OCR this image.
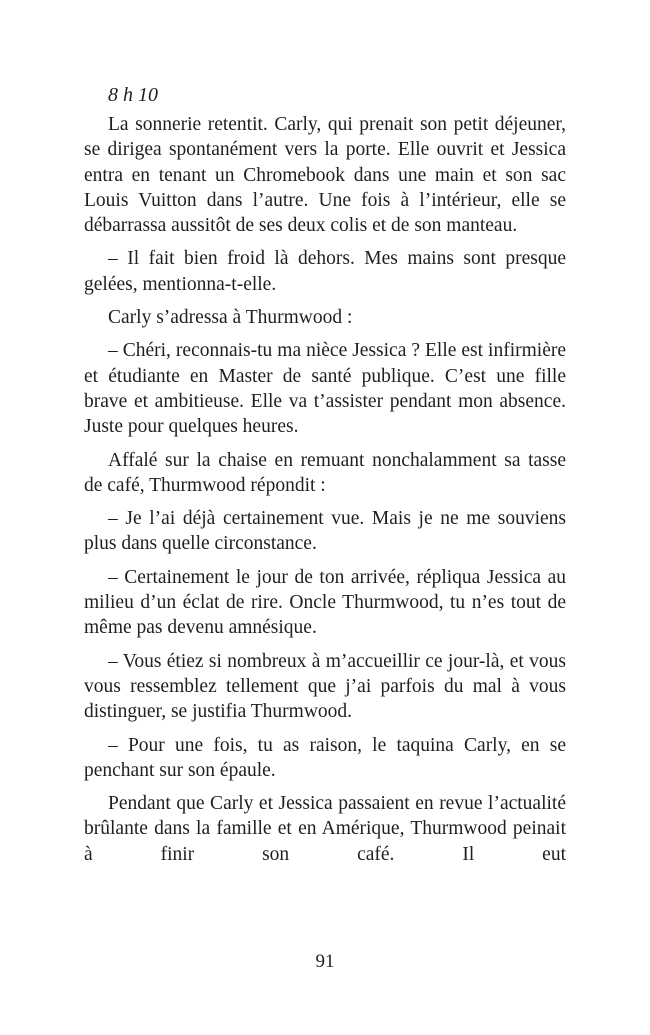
8 h 10

La sonnerie retentit. Carly, qui prenait son petit déjeuner, se dirigea spontanément vers la porte. Elle ouvrit et Jessica entra en tenant un Chromebook dans une main et son sac Louis Vuitton dans l’autre. Une fois à l’intérieur, elle se débarrassa aussitôt de ses deux colis et de son manteau.

– Il fait bien froid là dehors. Mes mains sont presque gelées, mentionna-t-elle.

Carly s’adressa à Thurmwood :

– Chéri, reconnais-tu ma nièce Jessica ? Elle est infirmière et étudiante en Master de santé publique. C’est une fille brave et ambitieuse. Elle va t’assister pendant mon absence. Juste pour quelques heures.

Affalé sur la chaise en remuant nonchalamment sa tasse de café, Thurmwood répondit :

– Je l’ai déjà certainement vue. Mais je ne me souviens plus dans quelle circonstance.

– Certainement le jour de ton arrivée, répliqua Jessica au milieu d’un éclat de rire. Oncle Thurmwood, tu n’es tout de même pas devenu amnésique.

– Vous étiez si nombreux à m’accueillir ce jour-là, et vous vous ressemblez tellement que j’ai parfois du mal à vous distinguer, se justifia Thurmwood.

– Pour une fois, tu as raison, le taquina Carly, en se penchant sur son épaule.

Pendant que Carly et Jessica passaient en revue l’actualité brûlante dans la famille et en Amérique, Thurmwood peinait à finir son café. Il eut

91
